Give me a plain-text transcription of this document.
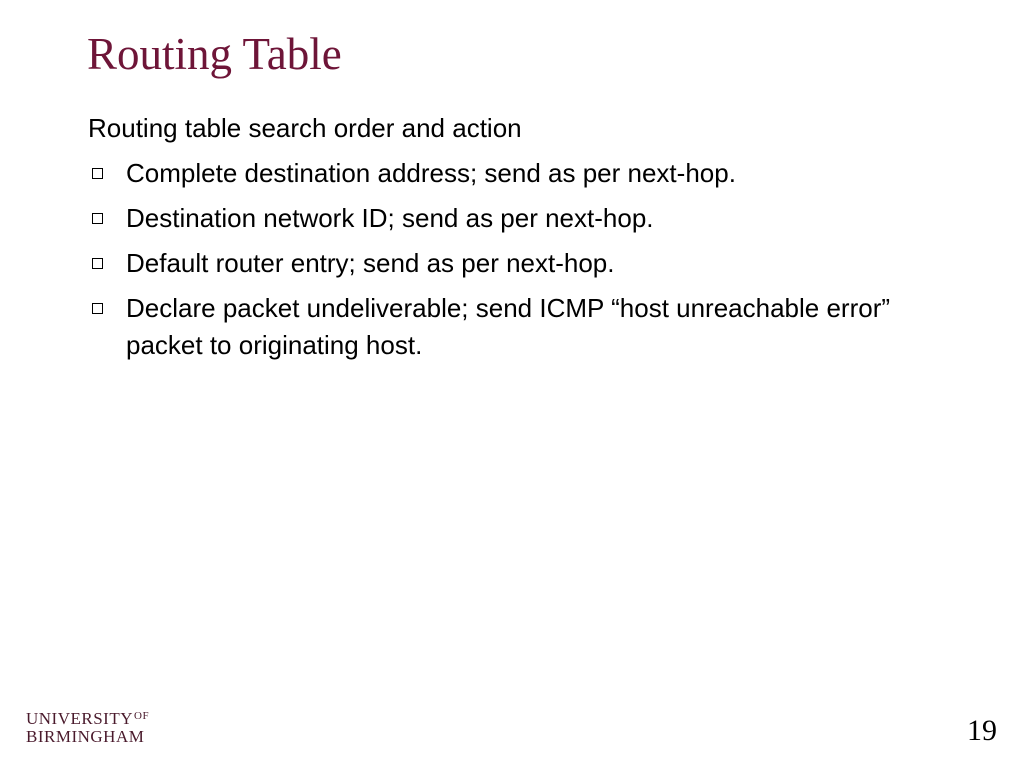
Routing Table

Routing table search order and action

Complete destination address; send as per next-hop.
Destination network ID; send as per next-hop.
Default router entry; send as per next-hop.
Declare packet undeliverable; send ICMP “host unreachable error” packet to originating host.
$UNIVERSITY^{OF}$
BIRMINGHAM	19
